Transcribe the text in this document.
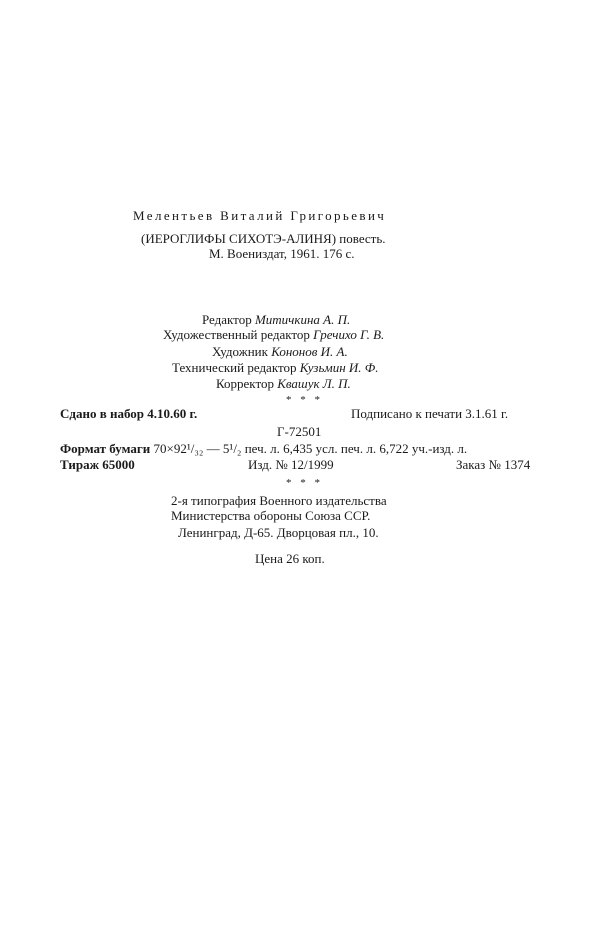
Мелентьев Виталий Григорьевич
(ИЕРОГЛИФЫ СИХОТЭ-АЛИНЯ) повесть.
М. Воениздат, 1961. 176 с.
Редактор Митичкина А. П.
Художественный редактор Гречихо Г. В.
Художник Кононов И. А.
Технический редактор Кузьмин И. Ф.
Корректор Квашук Л. П.
* * *
Сдано в набор 4.10.60 г.	Подписано к печати 3.1.61 г.
Г-72501
Формат бумаги 70×92¹/₃₂ — 5¹/₂ печ. л. 6,435 усл. печ. л. 6,722 уч.-изд. л.
Тираж 65000	Изд. № 12/1999	Заказ № 1374
* * *
2-я типография Военного издательства
Министерства обороны Союза ССР.
Ленинград, Д-65. Дворцовая пл., 10.
Цена 26 коп.
